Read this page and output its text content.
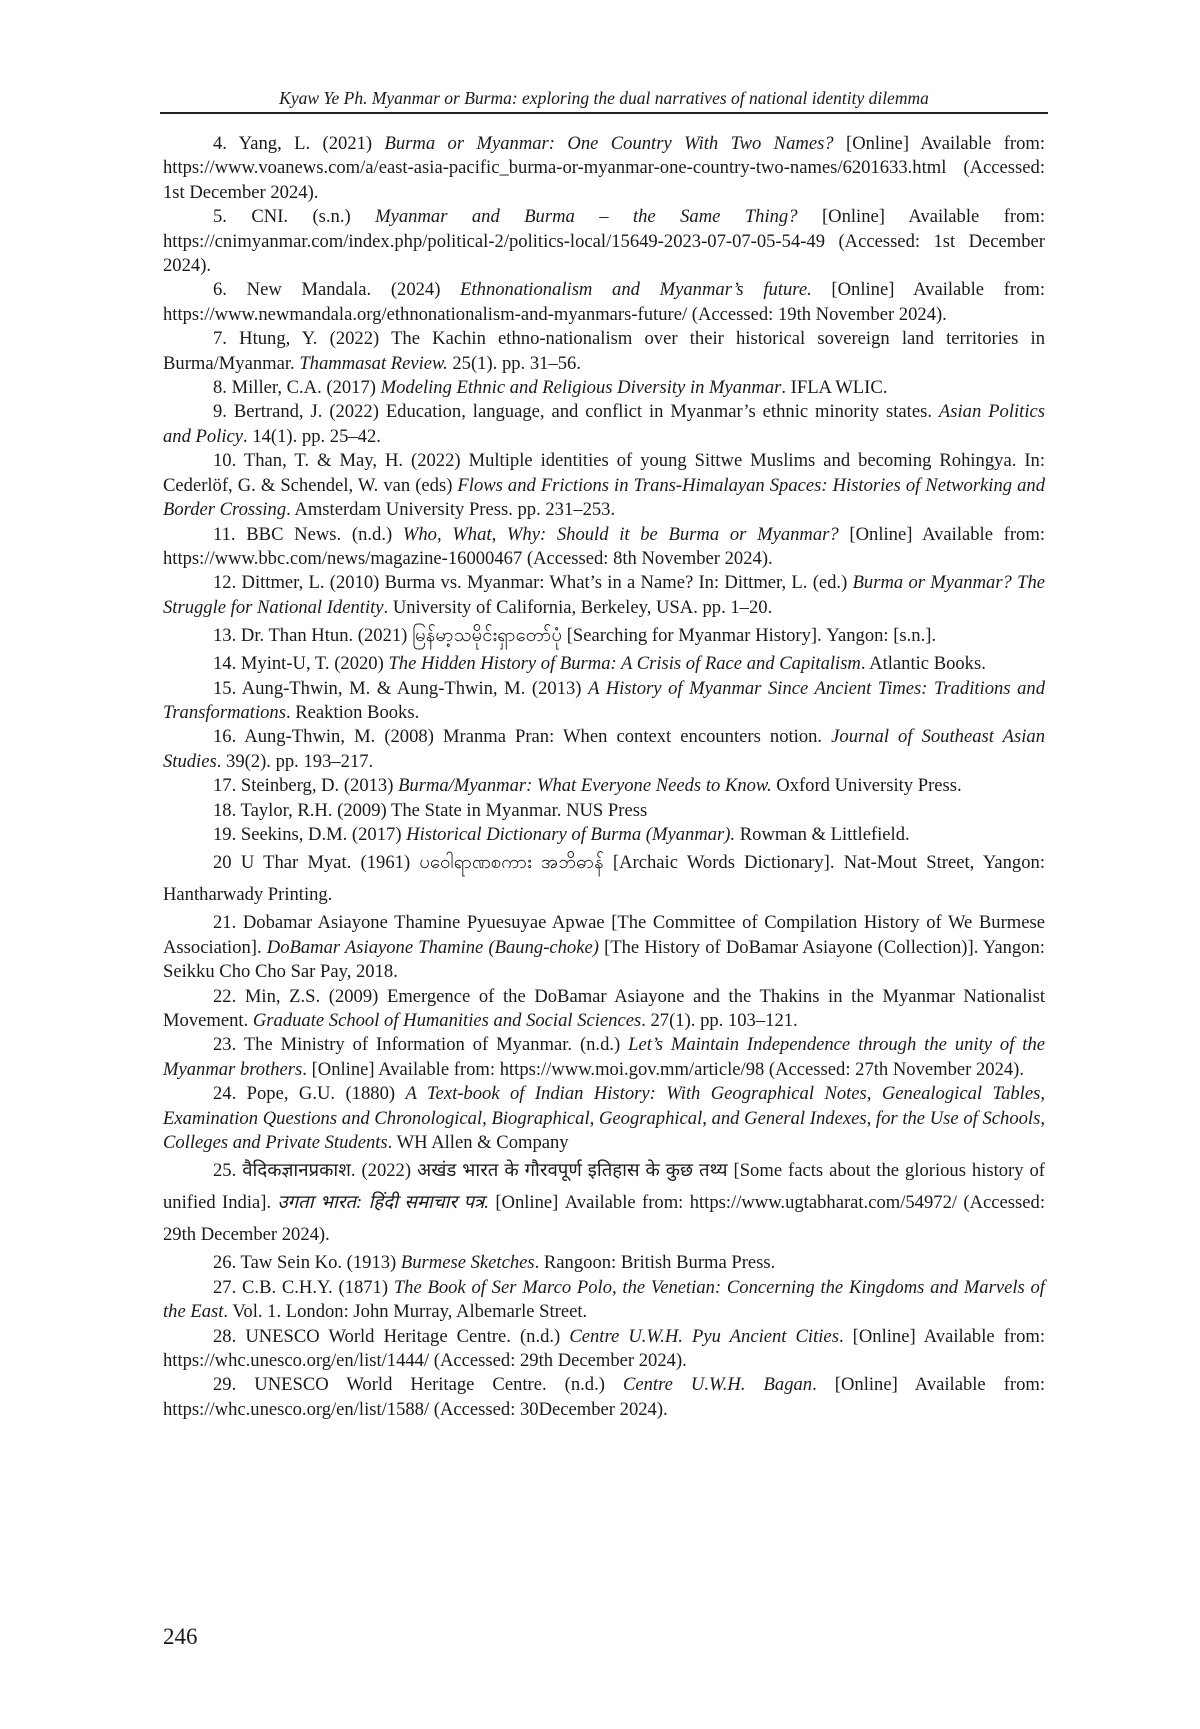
Kyaw Ye Ph. Myanmar or Burma: exploring the dual narratives of national identity dilemma

4. Yang, L. (2021) Burma or Myanmar: One Country With Two Names? [Online] Available from: https://www.voanews.com/a/east-asia-pacific_burma-or-myanmar-one-country-two-names/6201633.html (Accessed: 1st December 2024).

5. CNI. (s.n.) Myanmar and Burma – the Same Thing? [Online] Available from: https://cnimyanmar.com/index.php/political-2/politics-local/15649-2023-07-07-05-54-49 (Accessed: 1st December 2024).

6. New Mandala. (2024) Ethnonationalism and Myanmar’s future. [Online] Available from: https://www.newmandala.org/ethnonationalism-and-myanmars-future/ (Accessed: 19th November 2024).

7. Htung, Y. (2022) The Kachin ethno-nationalism over their historical sovereign land territories in Burma/Myanmar. Thammasat Review. 25(1). pp. 31–56.

8. Miller, C.A. (2017) Modeling Ethnic and Religious Diversity in Myanmar. IFLA WLIC.

9. Bertrand, J. (2022) Education, language, and conflict in Myanmar’s ethnic minority states. Asian Politics and Policy. 14(1). pp. 25–42.

10. Than, T. & May, H. (2022) Multiple identities of young Sittwe Muslims and becoming Rohingya. In: Cederlöf, G. & Schendel, W. van (eds) Flows and Frictions in Trans-Himalayan Spaces: Histories of Networking and Border Crossing. Amsterdam University Press. pp. 231–253.

11. BBC News. (n.d.) Who, What, Why: Should it be Burma or Myanmar? [Online] Available from: https://www.bbc.com/news/magazine-16000467 (Accessed: 8th November 2024).

12. Dittmer, L. (2010) Burma vs. Myanmar: What’s in a Name? In: Dittmer, L. (ed.) Burma or Myanmar? The Struggle for National Identity. University of California, Berkeley, USA. pp. 1–20.

13. Dr. Than Htun. (2021) မြန်မာ့သမိုင်းရှာတော်ပုံ [Searching for Myanmar History]. Yangon: [s.n.].

14. Myint-U, T. (2020) The Hidden History of Burma: A Crisis of Race and Capitalism. Atlantic Books.

15. Aung-Thwin, M. & Aung-Thwin, M. (2013) A History of Myanmar Since Ancient Times: Traditions and Transformations. Reaktion Books.

16. Aung-Thwin, M. (2008) Mranma Pran: When context encounters notion. Journal of Southeast Asian Studies. 39(2). pp. 193–217.

17. Steinberg, D. (2013) Burma/Myanmar: What Everyone Needs to Know. Oxford University Press.

18. Taylor, R.H. (2009) The State in Myanmar. NUS Press

19. Seekins, D.M. (2017) Historical Dictionary of Burma (Myanmar). Rowman & Littlefield.

20 U Thar Myat. (1961) ပဝေါရာဏစကား အဘိဓာန် [Archaic Words Dictionary]. Nat-Mout Street, Yangon: Hantharwady Printing.

21. Dobamar Asiayone Thamine Pyuesuyae Apwae [The Committee of Compilation History of We Burmese Association]. DoBamar Asiayone Thamine (Baung-choke) [The History of DoBamar Asiayone (Collection)]. Yangon: Seikku Cho Cho Sar Pay, 2018.

22. Min, Z.S. (2009) Emergence of the DoBamar Asiayone and the Thakins in the Myanmar Nationalist Movement. Graduate School of Humanities and Social Sciences. 27(1). pp. 103–121.

23. The Ministry of Information of Myanmar. (n.d.) Let’s Maintain Independence through the unity of the Myanmar brothers. [Online] Available from: https://www.moi.gov.mm/article/98 (Accessed: 27th November 2024).

24. Pope, G.U. (1880) A Text-book of Indian History: With Geographical Notes, Genealogical Tables, Examination Questions and Chronological, Biographical, Geographical, and General Indexes, for the Use of Schools, Colleges and Private Students. WH Allen & Company

25. वैदिकज्ञानप्रकाश. (2022) अखंड भारत के गौरवपूर्ण इतिहास के कुछ तथ्य [Some facts about the glorious history of unified India]. उगता भारत: हिंदी समाचार पत्र. [Online] Available from: https://www.ugtabharat.com/54972/ (Accessed: 29th December 2024).

26. Taw Sein Ko. (1913) Burmese Sketches. Rangoon: British Burma Press.

27. C.B. C.H.Y. (1871) The Book of Ser Marco Polo, the Venetian: Concerning the Kingdoms and Marvels of the East. Vol. 1. London: John Murray, Albemarle Street.

28. UNESCO World Heritage Centre. (n.d.) Centre U.W.H. Pyu Ancient Cities. [Online] Available from: https://whc.unesco.org/en/list/1444/ (Accessed: 29th December 2024).

29. UNESCO World Heritage Centre. (n.d.) Centre U.W.H. Bagan. [Online] Available from: https://whc.unesco.org/en/list/1588/ (Accessed: 30December 2024).

246
